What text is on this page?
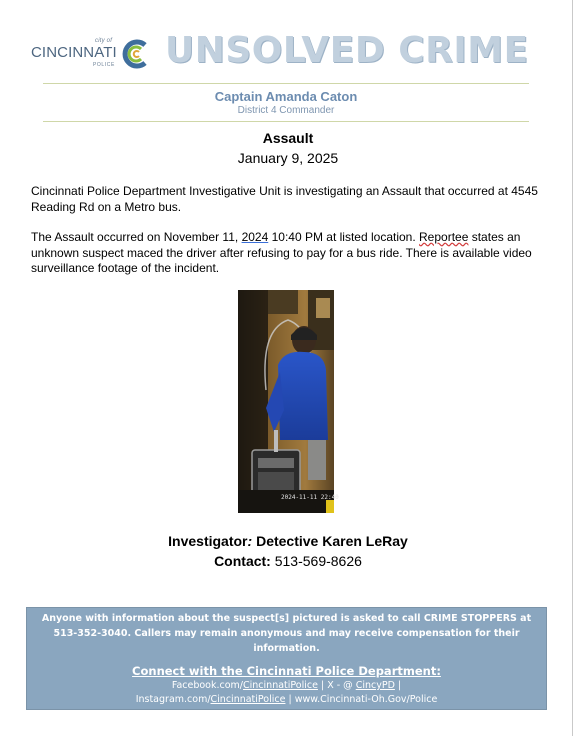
city of
CINCINNATI
POLICE UNSOLVED CRIME
Captain Amanda Caton
District 4 Commander
Assault
January 9, 2025
Cincinnati Police Department Investigative Unit is investigating an Assault that occurred at 4545 Reading Rd on a Metro bus.
The Assault occurred on November 11, 2024 10:40 PM at listed location. Reportee states an unknown suspect maced the driver after refusing to pay for a bus ride. There is available video surveillance footage of the incident.
2024-11-11 22:40
Investigator: Detective Karen LeRay
Contact: 513-569-8626
Anyone with information about the suspect[s] pictured is asked to call CRIME STOPPERS at 513-352-3040. Callers may remain anonymous and may receive compensation for their information.
Connect with the Cincinnati Police Department:
Facebook.com/CincinnatiPolice | X - @ CincyPD |
Instagram.com/CincinnatiPolice | www.Cincinnati-Oh.Gov/Police
